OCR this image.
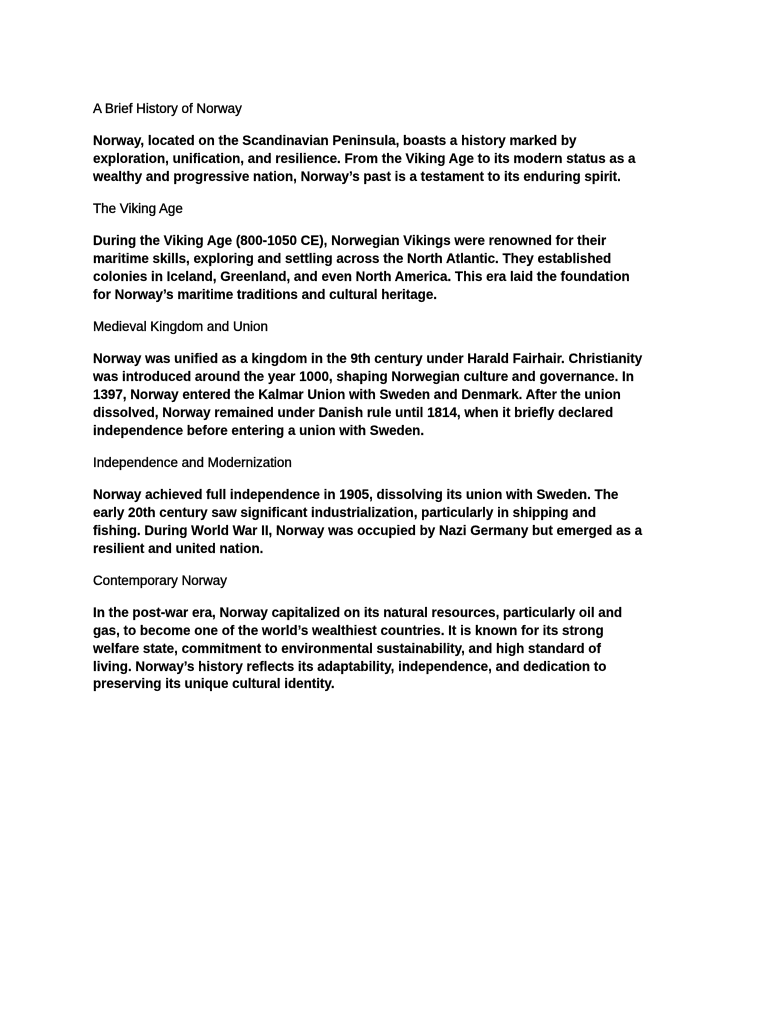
A Brief History of Norway
Norway, located on the Scandinavian Peninsula, boasts a history marked by
exploration, unification, and resilience. From the Viking Age to its modern status as a
wealthy and progressive nation, Norway’s past is a testament to its enduring spirit.
The Viking Age
During the Viking Age (800-1050 CE), Norwegian Vikings were renowned for their
maritime skills, exploring and settling across the North Atlantic. They established
colonies in Iceland, Greenland, and even North America. This era laid the foundation
for Norway’s maritime traditions and cultural heritage.
Medieval Kingdom and Union
Norway was unified as a kingdom in the 9th century under Harald Fairhair. Christianity
was introduced around the year 1000, shaping Norwegian culture and governance. In
1397, Norway entered the Kalmar Union with Sweden and Denmark. After the union
dissolved, Norway remained under Danish rule until 1814, when it briefly declared
independence before entering a union with Sweden.
Independence and Modernization
Norway achieved full independence in 1905, dissolving its union with Sweden. The
early 20th century saw significant industrialization, particularly in shipping and
fishing. During World War II, Norway was occupied by Nazi Germany but emerged as a
resilient and united nation.
Contemporary Norway
In the post-war era, Norway capitalized on its natural resources, particularly oil and
gas, to become one of the world’s wealthiest countries. It is known for its strong
welfare state, commitment to environmental sustainability, and high standard of
living. Norway’s history reflects its adaptability, independence, and dedication to
preserving its unique cultural identity.
